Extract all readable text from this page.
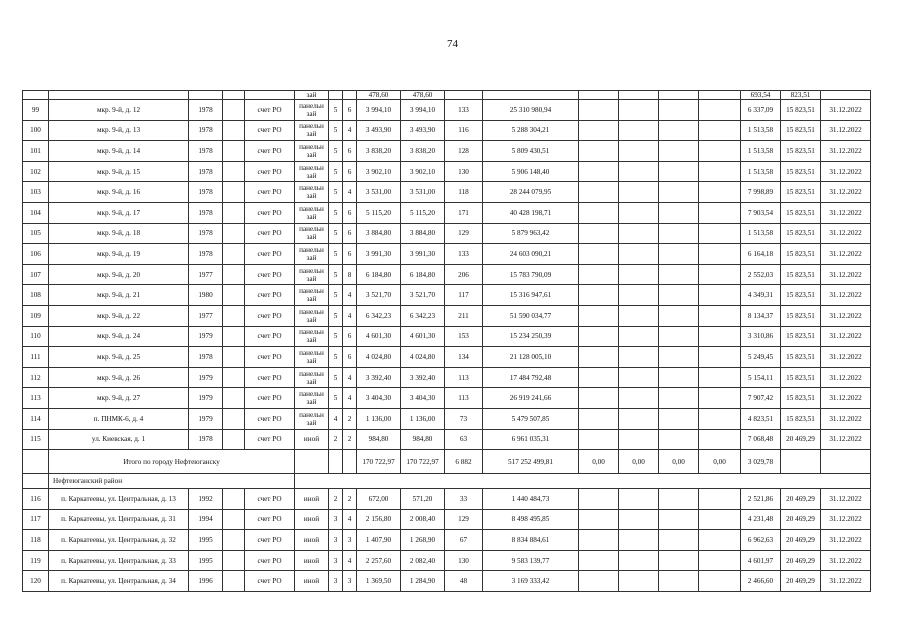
74
					зай			478,60	478,60							693,54	823,51	
99	мкр. 9-й, д. 12	1978		счет РО	панельн зай	5	6	3 994,10	3 994,10	133	25 310 980,94					6 337,09	15 823,51	31.12.2022
100	мкр. 9-й, д. 13	1978		счет РО	панельн зай	5	4	3 493,90	3 493,90	116	5 288 304,21					1 513,58	15 823,51	31.12.2022
101	мкр. 9-й, д. 14	1978		счет РО	панельн зай	5	6	3 838,20	3 838,20	128	5 809 430,51					1 513,58	15 823,51	31.12.2022
102	мкр. 9-й, д. 15	1978		счет РО	панельн зай	5	6	3 902,10	3 902,10	130	5 906 148,40					1 513,58	15 823,51	31.12.2022
103	мкр. 9-й, д. 16	1978		счет РО	панельн зай	5	4	3 531,00	3 531,00	118	28 244 079,95					7 998,89	15 823,51	31.12.2022
104	мкр. 9-й, д. 17	1978		счет РО	панельн зай	5	6	5 115,20	5 115,20	171	40 428 198,71					7 903,54	15 823,51	31.12.2022
105	мкр. 9-й, д. 18	1978		счет РО	панельн зай	5	6	3 884,80	3 884,80	129	5 879 963,42					1 513,58	15 823,51	31.12.2022
106	мкр. 9-й, д. 19	1978		счет РО	панельн зай	5	6	3 991,30	3 991,30	133	24 603 090,21					6 164,18	15 823,51	31.12.2022
107	мкр. 9-й, д. 20	1977		счет РО	панельн зай	5	8	6 184,80	6 184,80	206	15 783 790,09					2 552,03	15 823,51	31.12.2022
108	мкр. 9-й, д. 21	1980		счет РО	панельн зай	5	4	3 521,70	3 521,70	117	15 316 947,61					4 349,31	15 823,51	31.12.2022
109	мкр. 9-й, д. 22	1977		счет РО	панельн зай	5	4	6 342,23	6 342,23	211	51 590 034,77					8 134,37	15 823,51	31.12.2022
110	мкр. 9-й, д. 24	1979		счет РО	панельн зай	5	6	4 601,30	4 601,30	153	15 234 250,39					3 310,86	15 823,51	31.12.2022
111	мкр. 9-й, д. 25	1978		счет РО	панельн зай	5	6	4 024,80	4 024,80	134	21 128 005,10					5 249,45	15 823,51	31.12.2022
112	мкр. 9-й, д. 26	1979		счет РО	панельн зай	5	4	3 392,40	3 392,40	113	17 484 792,48					5 154,11	15 823,51	31.12.2022
113	мкр. 9-й, д. 27	1979		счет РО	панельн зай	5	4	3 404,30	3 404,30	113	26 919 241,66					7 907,42	15 823,51	31.12.2022
114	п. ПНМК-6, д. 4	1979		счет РО	панельн зай	4	2	1 136,00	1 136,00	73	5 479 507,85					4 823,51	15 823,51	31.12.2022
115	ул. Киевская, д. 1	1978		счет РО	иной	2	2	984,80	984,80	63	6 961 035,31					7 068,48	20 469,29	31.12.2022
	Итого по городу Нефтеюганску							170 722,97	170 722,97	6 882	517 252 499,81	0,00	0,00	0,00	0,00	3 029,78		
	Нефтеюганский район																	
116	п. Каркатеевы, ул. Центральная, д. 13	1992		счет РО	иной	2	2	672,00	571,20	33	1 440 484,73					2 521,86	20 469,29	31.12.2022
117	п. Каркатеевы, ул. Центральная, д. 31	1994		счет РО	иной	3	4	2 156,80	2 008,40	129	8 498 495,85					4 231,48	20 469,29	31.12.2022
118	п. Каркатеевы, ул. Центральная, д. 32	1995		счет РО	иной	3	3	1 407,90	1 268,90	67	8 834 884,61					6 962,63	20 469,29	31.12.2022
119	п. Каркатеевы, ул. Центральная, д. 33	1995		счет РО	иной	3	4	2 257,60	2 082,40	130	9 583 139,77					4 601,97	20 469,29	31.12.2022
120	п. Каркатеевы, ул. Центральная, д. 34	1996		счет РО	иной	3	3	1 369,50	1 284,90	48	3 169 333,42					2 466,60	20 469,29	31.12.2022
